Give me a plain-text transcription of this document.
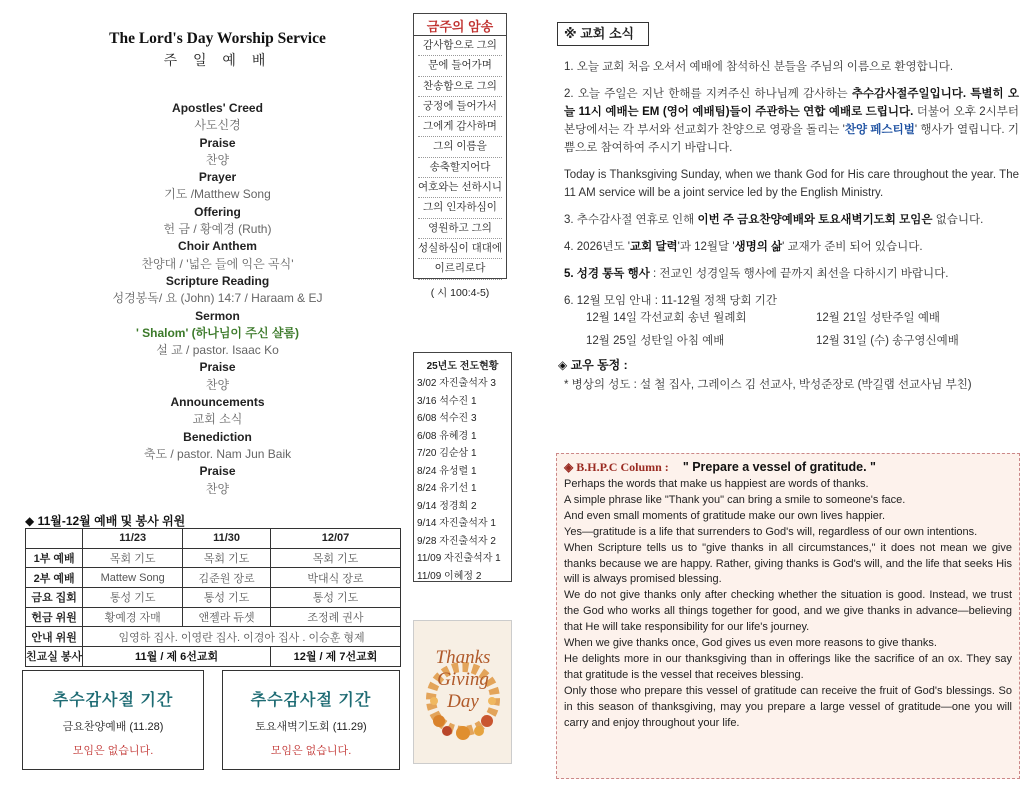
The Lord's Day Worship Service
주 일 예 배
Apostles' Creed
사도신경
Praise
찬양
Prayer
기도 /Matthew Song
Offering
헌 금 / 황예경 (Ruth)
Choir Anthem
찬양대 / '넓은 들에 익은 곡식'
Scripture Reading
성경봉독/ 요 (John) 14:7 / Haraam & EJ
Sermon
' Shalom' (하나님이 주신 샬롬)
설 교 / pastor. Isaac Ko
Praise
찬양
Announcements
교회 소식
Benediction
축도 / pastor. Nam Jun Baik
Praise
찬양
금주의 암송
감사함으로 그의
문에 들어가며
찬송함으로 그의
궁정에 들어가서
그에게 감사하며
그의 이름을
송축할지어다
여호와는 선하시니
그의 인자하심이
영원하고 그의
성실하심이 대대에
이르리로다
( 시 100:4-5)
25년도 전도현황
3/02 자진출석자 3
3/16 석수진 1
6/08 석수진 3
6/08 유혜경 1
7/20 김순삼 1
8/24 유성렬 1
8/24 유기선 1
9/14 정경희 2
9/14 자진출석자 1
9/28 자진출석자 2
11/09 자진출석자 1
11/09 이혜정 2
Thanks
Giving
Day
◆ 11월-12월 예배 및 봉사 위원
	11/23	11/30	12/07
1부 예배	목회 기도	목회 기도	목회 기도
2부 예배	Mattew Song	김준원 장로	박대식 장로
금요 집회	통성 기도	통성 기도	통성 기도
헌금 위원	황예경 자매	앤젤라 듀셋	조정례 권사
안내 위원	임영하 집사. 이영란 집사. 이경아 집사 . 이승훈 형제		
친교실 봉사	11월 / 제 6선교회		12월 / 제 7선교회
추수감사절 기간
금요찬양예배 (11.28)
모임은 없습니다.
추수감사절 기간
토요새벽기도회 (11.29)
모임은 없습니다.
※ 교회 소식

1. 오늘 교회 처음 오셔서 예배에 참석하신 분들을 주님의 이름으로 환영합니다.

2. 오늘 주일은 지난 한해를 지켜주신 하나님께 감사하는 추수감사절주일입니다. 특별히 오늘 11시 예배는 EM (영어 예배팀)들이 주관하는 연합 예배로 드립니다. 더불어 오후 2시부터 본당에서는 각 부서와 선교회가 찬양으로 영광을 돌리는 '찬양 페스티벌' 행사가 열립니다. 기쁨으로 참여하여 주시기 바랍니다.

Today is Thanksgiving Sunday, when we thank God for His care throughout the year. The 11 AM service will be a joint service led by the English Ministry.

3. 추수감사절 연휴로 인해 이번 주 금요찬양예배와 토요새벽기도회 모임은 없습니다.

4. 2026년도 '교회 달력'과 12월달 '생명의 삶' 교재가 준비 되어 있습니다.

5. 성경 통독 행사 : 전교인 성경일독 행사에 끝까지 최선을 다하시기 바랍니다.

6. 12월 모임 안내 : 11-12월 정책 당회 기간

12월 14일 각선교회 송년 월례회	12월 21일 성탄주일 예배
12월 25일 성탄일 아침 예배	12월 31일 (수) 송구영신예배
◈ 교우 동정 :

* 병상의 성도 : 설 철 집사, 그레이스 김 선교사, 박성준장로 (박길랩 선교사님 부친)

◈ B.H.P.C Column : " Prepare a vessel of gratitude. "
Perhaps the words that make us happiest are words of thanks.
A simple phrase like "Thank you" can bring a smile to someone's face.
And even small moments of gratitude make our own lives happier.
Yes—gratitude is a life that surrenders to God's will, regardless of our own intentions.
When Scripture tells us to "give thanks in all circumstances," it does not mean we give thanks because we are happy. Rather, giving thanks is God's will, and the life that seeks His will is always promised blessing.
We do not give thanks only after checking whether the situation is good. Instead, we trust the God who works all things together for good, and we give thanks in advance—believing that He will take responsibility for our life's journey.
When we give thanks once, God gives us even more reasons to give thanks.
He delights more in our thanksgiving than in offerings like the sacrifice of an ox. They say that gratitude is the vessel that receives blessing.
Only those who prepare this vessel of gratitude can receive the fruit of God's blessings. So in this season of thanksgiving, may you prepare a large vessel of gratitude—one you will carry and enjoy throughout your life.
